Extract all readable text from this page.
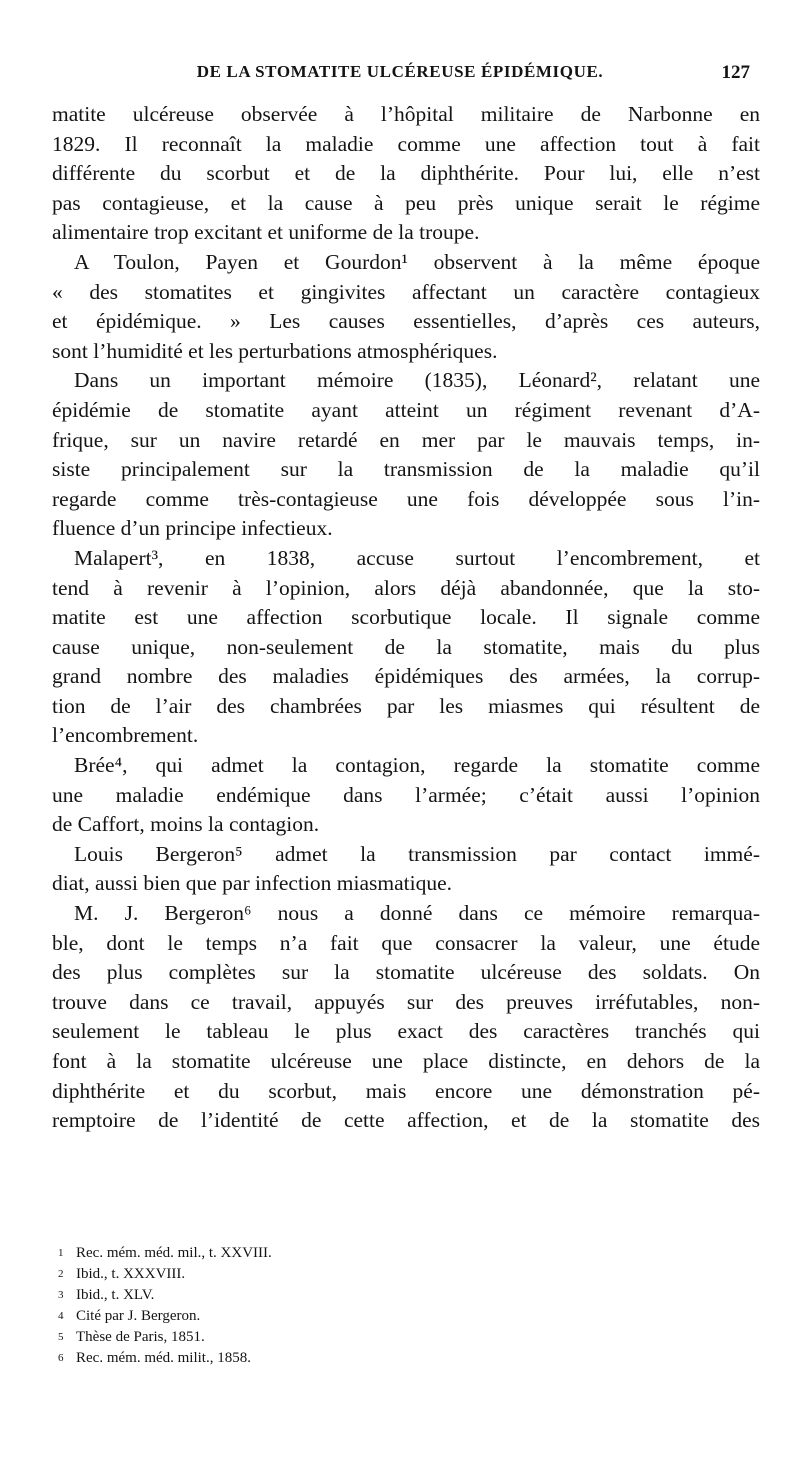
DE LA STOMATITE ULCÉREUSE ÉPIDÉMIQUE.	127
matite ulcéreuse observée à l’hôpital militaire de Narbonne en
1829. Il reconnaît la maladie comme une affection tout à fait
différente du scorbut et de la diphthérite. Pour lui, elle n’est
pas contagieuse, et la cause à peu près unique serait le régime
alimentaire trop excitant et uniforme de la troupe.
A Toulon, Payen et Gourdon¹ observent à la même époque
« des stomatites et gingivites affectant un caractère contagieux
et épidémique. » Les causes essentielles, d’après ces auteurs,
sont l’humidité et les perturbations atmosphériques.
Dans un important mémoire (1835), Léonard², relatant une
épidémie de stomatite ayant atteint un régiment revenant d’A-
frique, sur un navire retardé en mer par le mauvais temps, in-
siste principalement sur la transmission de la maladie qu’il
regarde comme très-contagieuse une fois développée sous l’in-
fluence d’un principe infectieux.
Malapert³, en 1838, accuse surtout l’encombrement, et
tend à revenir à l’opinion, alors déjà abandonnée, que la sto-
matite est une affection scorbutique locale. Il signale comme
cause unique, non-seulement de la stomatite, mais du plus
grand nombre des maladies épidémiques des armées, la corrup-
tion de l’air des chambrées par les miasmes qui résultent de
l’encombrement.
Brée⁴, qui admet la contagion, regarde la stomatite comme
une maladie endémique dans l’armée; c’était aussi l’opinion
de Caffort, moins la contagion.
Louis Bergeron⁵ admet la transmission par contact immé-
diat, aussi bien que par infection miasmatique.
M. J. Bergeron⁶ nous a donné dans ce mémoire remarqua-
ble, dont le temps n’a fait que consacrer la valeur, une étude
des plus complètes sur la stomatite ulcéreuse des soldats. On
trouve dans ce travail, appuyés sur des preuves irréfutables, non-
seulement le tableau le plus exact des caractères tranchés qui
font à la stomatite ulcéreuse une place distincte, en dehors de la
diphthérite et du scorbut, mais encore une démonstration pé-
remptoire de l’identité de cette affection, et de la stomatite des
1 Rec. mém. méd. mil., t. XXVIII.
2 Ibid., t. XXXVIII.
3 Ibid., t. XLV.
4 Cité par J. Bergeron.
5 Thèse de Paris, 1851.
6 Rec. mém. méd. milit., 1858.
